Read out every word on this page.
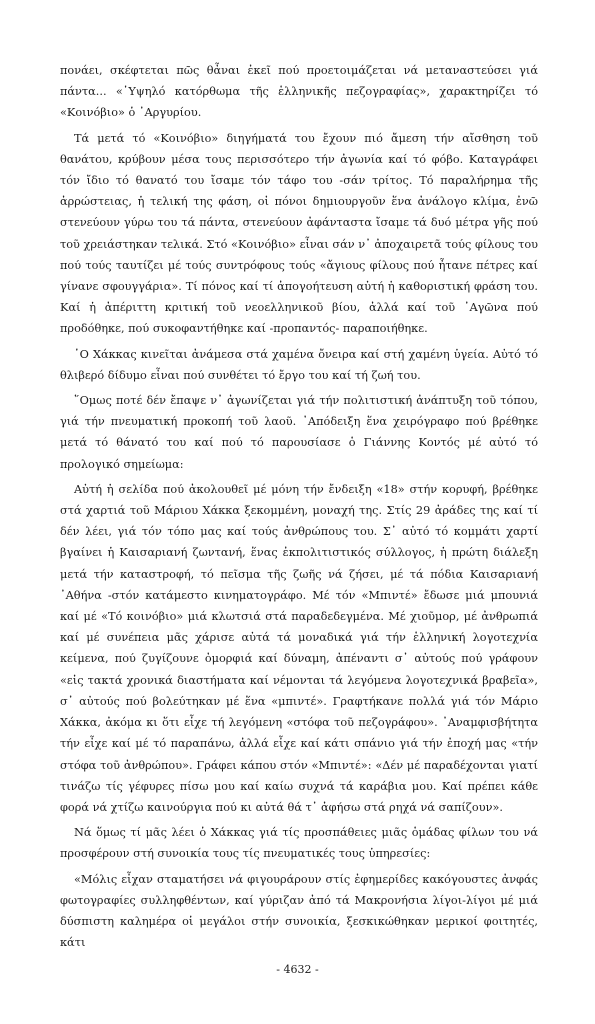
πονάει, σκέφτεται πῶς θἆναι ἐκεῖ πού προετοιμάζεται νά μεταναστεύσει γιά πάντα... «῾Υψηλό κατόρθωμα τῆς ἑλληνικῆς πεζογραφίας», χαρακτηρίζει τό «Κοινόβιο» ὁ ᾿Αργυρίου.

Τά μετά τό «Κοινόβιο» διηγήματά του ἔχουν πιό ἄμεση τήν αἴσθηση τοῦ θανάτου, κρύβουν μέσα τους περισσότερο τήν ἀγωνία καί τό φόβο. Καταγράφει τόν ἴδιο τό θανατό του ἴσαμε τόν τάφο του -σάν τρίτος. Τό παραλήρημα τῆς ἀρρώστειας, ἡ τελική της φάση, οἱ πόνοι δημιουργοῦν ἕνα ἀνάλογο κλίμα, ἐνῶ στενεύουν γύρω του τά πάντα, στενεύουν ἀφάνταστα ἴσαμε τά δυό μέτρα γῆς πού τοῦ χρειάστηκαν τελικά. Στό «Κοινόβιο» εἶναι σάν ν᾿ ἀποχαιρετᾶ τούς φίλους του πού τούς ταυτίζει μέ τούς συντρόφους τούς «ἄγιους φίλους πού ἦτανε πέτρες καί γίνανε σφουγγάρια». Τί πόνος καί τί ἀπογοήτευση αὐτή ἡ καθοριστική φράση του. Καί ἡ ἀπέριττη κριτική τοῦ νεοελληνικοῦ βίου, ἀλλά καί τοῦ ᾿Αγῶνα πού προδόθηκε, πού συκοφαντήθηκε καί -προπαντός- παραποιήθηκε.

῾Ο Χάκκας κινεῖται ἀνάμεσα στά χαμένα ὄνειρα καί στή χαμένη ὑγεία. Αὐτό τό θλιβερό δίδυμο εἶναι πού συνθέτει τό ἔργο του καί τή ζωή του.

῞Ομως ποτέ δέν ἔπαψε ν᾿ ἀγωνίζεται γιά τήν πολιτιστική ἀνάπτυξη τοῦ τόπου, γιά τήν πνευματική προκοπή τοῦ λαοῦ. ᾿Απόδειξη ἕνα χειρόγραφο πού βρέθηκε μετά τό θάνατό του καί πού τό παρουσίασε ὁ Γιάννης Κοντός μέ αὐτό τό προλογικό σημείωμα:

Αὐτή ἡ σελίδα πού ἀκολουθεῖ μέ μόνη τήν ἔνδειξη «18» στήν κορυφή, βρέθηκε στά χαρτιά τοῦ Μάριου Χάκκα ξεκομμένη, μοναχή της. Στίς 29 ἀράδες της καί τί δέν λέει, γιά τόν τόπο μας καί τούς ἀνθρώπους του. Σ᾿ αὐτό τό κομμάτι χαρτί βγαίνει ἡ Καισαριανή ζωντανή, ἕνας ἐκπολιτιστικός σύλλογος, ἡ πρώτη διάλεξη μετά τήν καταστροφή, τό πεῖσμα τῆς ζωῆς νά ζήσει, μέ τά πόδια Καισαριανή ᾿Αθήνα -στόν κατάμεστο κινηματογράφο. Μέ τόν «Μπιντέ» ἔδωσε μιά μπουνιά καί μέ «Τό κοινόβιο» μιά κλωτσιά στά παραδεδεγμένα. Μέ χιοῦμορ, μέ ἀνθρωπιά καί μέ συνέπεια μᾶς χάρισε αὐτά τά μοναδικά γιά τήν ἑλληνική λογοτεχνία κείμενα, πού ζυγίζουνε ὀμορφιά καί δύναμη, ἀπέναντι σ᾿ αὐτούς πού γράφουν «εἰς τακτά χρονικά διαστήματα καί νέμονται τά λεγόμενα λογοτεχνικά βραβεῖα», σ᾿ αὐτούς πού βολεύτηκαν μέ ἕνα «μπιντέ». Γραφτήκανε πολλά γιά τόν Μάριο Χάκκα, ἀκόμα κι ὅτι εἶχε τή λεγόμενη «στόφα τοῦ πεζογράφου». ᾿Αναμφισβήτητα τήν εἶχε καί μέ τό παραπάνω, ἀλλά εἶχε καί κάτι σπάνιο γιά τήν ἐποχή μας «τήν στόφα τοῦ ἀνθρώπου». Γράφει κάπου στόν «Μπιντέ»: «Δέν μέ παραδέχονται γιατί τινάζω τίς γέφυρες πίσω μου καί καίω συχνά τά καράβια μου. Καί πρέπει κάθε φορά νά χτίζω καινούργια πού κι αὐτά θά τ᾿ ἀφήσω στά ρηχά νά σαπίζουν».

Νά ὅμως τί μᾶς λέει ὁ Χάκκας γιά τίς προσπάθειες μιᾶς ὁμάδας φίλων του νά προσφέρουν στή συνοικία τους τίς πνευματικές τους ὑπηρεσίες:

«Μόλις εἶχαν σταματήσει νά φιγουράρουν στίς ἐφημερίδες κακόγουστες ἀνφάς φωτογραφίες συλληφθέντων, καί γύριζαν ἀπό τά Μακρονήσια λίγοι-λίγοι μέ μιά δύσπιστη καλημέρα οἱ μεγάλοι στήν συνοικία, ξεσκικώθηκαν μερικοί φοιτητές, κάτι

- 4632 -
